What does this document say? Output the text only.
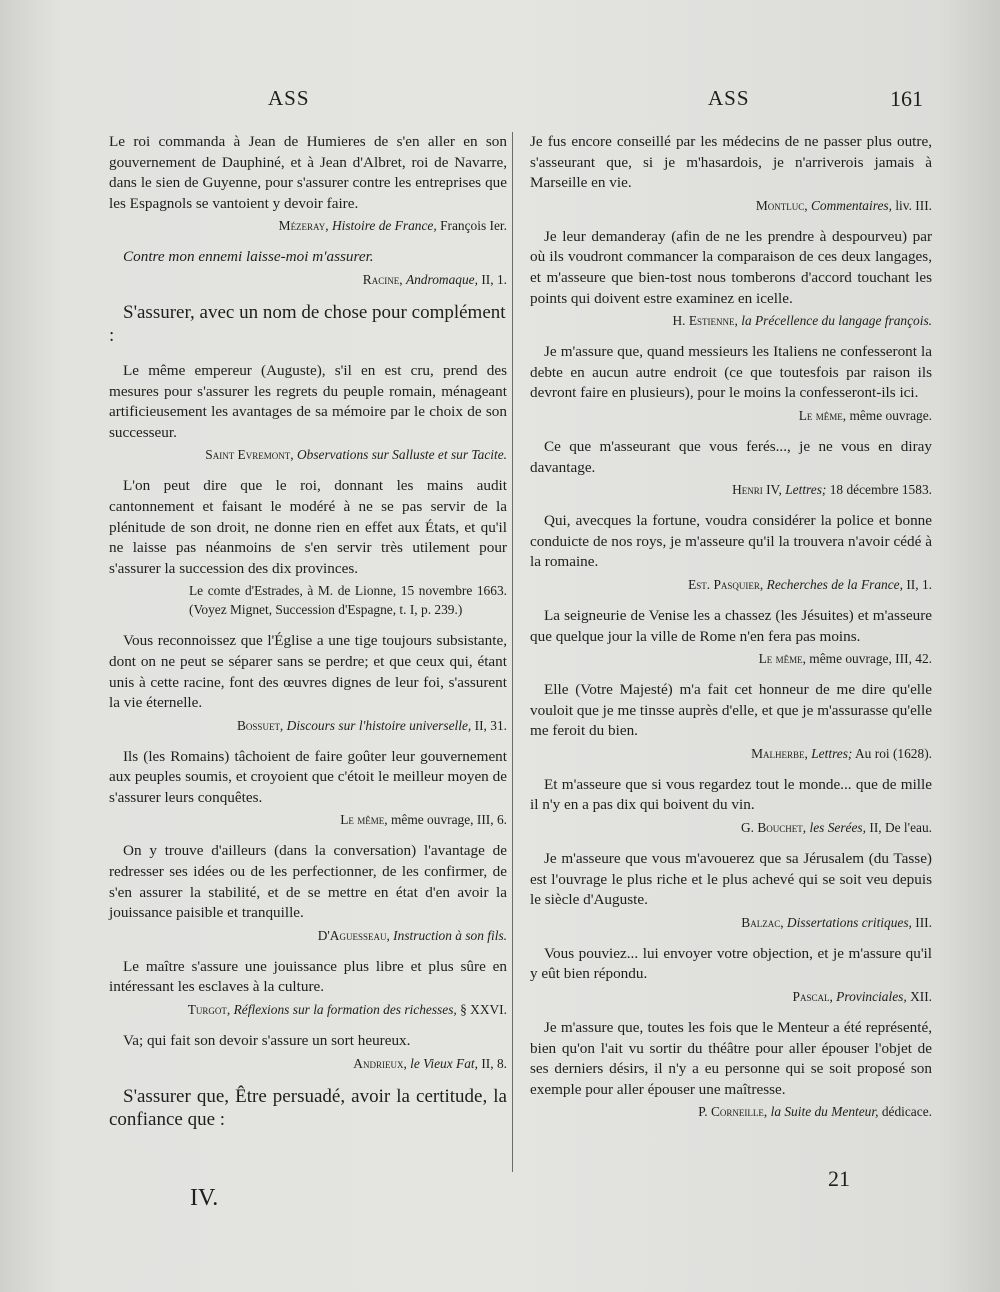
ASS	ASS	161

Le roi commanda à Jean de Humieres de s'en aller en son gouvernement de Dauphiné, et à Jean d'Albret, roi de Navarre, dans le sien de Guyenne, pour s'assurer contre les entreprises que les Espagnols se vantoient y devoir faire.

Mézeray, Histoire de France, François Ier.
Contre mon ennemi laisse-moi m'assurer.
Racine, Andromaque, II, 1.
S'assurer, avec un nom de chose pour complément :

Le même empereur (Auguste), s'il en est cru, prend des mesures pour s'assurer les regrets du peuple romain, ménageant artificieusement les avantages de sa mémoire par le choix de son successeur.

Saint Evremont, Observations sur Salluste et sur Tacite.

L'on peut dire que le roi, donnant les mains audit cantonnement et faisant le modéré à ne se pas servir de la plénitude de son droit, ne donne rien en effet aux États, et qu'il ne laisse pas néanmoins de s'en servir très utilement pour s'assurer la succession des dix provinces.

Le comte d'Estrades, à M. de Lionne, 15 novembre 1663. (Voyez Mignet, Succession d'Espagne, t. I, p. 239.)

Vous reconnoissez que l'Église a une tige toujours subsistante, dont on ne peut se séparer sans se perdre; et que ceux qui, étant unis à cette racine, font des œuvres dignes de leur foi, s'assurent la vie éternelle.

Bossuet, Discours sur l'histoire universelle, II, 31.

Ils (les Romains) tâchoient de faire goûter leur gouvernement aux peuples soumis, et croyoient que c'étoit le meilleur moyen de s'assurer leurs conquêtes.

Le même, même ouvrage, III, 6.

On y trouve d'ailleurs (dans la conversation) l'avantage de redresser ses idées ou de les perfectionner, de les confirmer, de s'en assurer la stabilité, et de se mettre en état d'en avoir la jouissance paisible et tranquille.

D'Aguesseau, Instruction à son fils.

Le maître s'assure une jouissance plus libre et plus sûre en intéressant les esclaves à la culture.

Turgot, Réflexions sur la formation des richesses, § XXVI.
Va; qui fait son devoir s'assure un sort heureux.
Andrieux, le Vieux Fat, II, 8.
S'assurer que, Être persuadé, avoir la certitude, la confiance que :
IV.

Je fus encore conseillé par les médecins de ne passer plus outre, s'asseurant que, si je m'hasardois, je n'arriverois jamais à Marseille en vie.

Montluc, Commentaires, liv. III.

Je leur demanderay (afin de ne les prendre à despourveu) par où ils voudront commancer la comparaison de ces deux langages, et m'asseure que bien-tost nous tomberons d'accord touchant les points qui doivent estre examinez en icelle.

H. Estienne, la Précellence du langage françois.

Je m'assure que, quand messieurs les Italiens ne confesseront la debte en aucun autre endroit (ce que toutesfois par raison ils devront faire en plusieurs), pour le moins la confesseront-ils ici.

Le même, même ouvrage.

Ce que m'asseurant que vous ferés..., je ne vous en diray davantage.

Henri IV, Lettres; 18 décembre 1583.

Qui, avecques la fortune, voudra considérer la police et bonne conduicte de nos roys, je m'asseure qu'il la trouvera n'avoir cédé à la romaine.

Est. Pasquier, Recherches de la France, II, 1.

La seigneurie de Venise les a chassez (les Jésuites) et m'asseure que quelque jour la ville de Rome n'en fera pas moins.

Le même, même ouvrage, III, 42.

Elle (Votre Majesté) m'a fait cet honneur de me dire qu'elle vouloit que je me tinsse auprès d'elle, et que je m'assurasse qu'elle me feroit du bien.

Malherbe, Lettres; Au roi (1628).

Et m'asseure que si vous regardez tout le monde... que de mille il n'y en a pas dix qui boivent du vin.

G. Bouchet, les Serées, II, De l'eau.

Je m'asseure que vous m'avouerez que sa Jérusalem (du Tasse) est l'ouvrage le plus riche et le plus achevé qui se soit veu depuis le siècle d'Auguste.

Balzac, Dissertations critiques, III.

Vous pouviez... lui envoyer votre objection, et je m'assure qu'il y eût bien répondu.

Pascal, Provinciales, XII.

Je m'assure que, toutes les fois que le Menteur a été représenté, bien qu'on l'ait vu sortir du théâtre pour aller épouser l'objet de ses derniers désirs, il n'y a eu personne qui se soit proposé son exemple pour aller épouser une maîtresse.

P. Corneille, la Suite du Menteur, dédicace.
21
